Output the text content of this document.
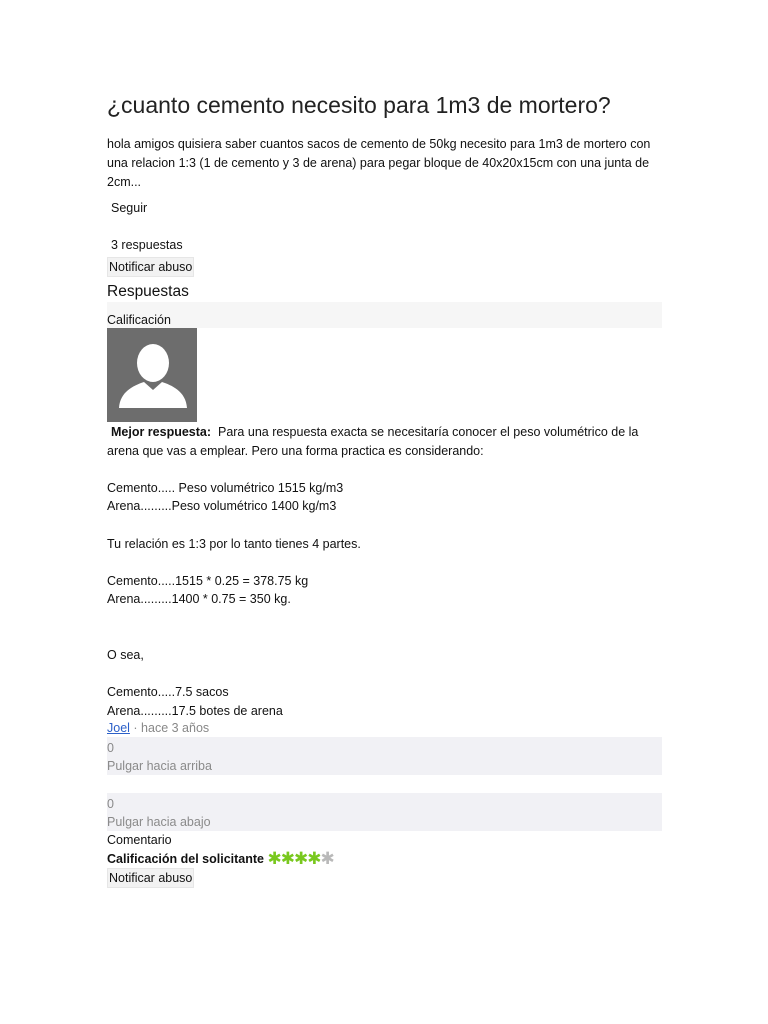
¿cuanto cemento necesito para 1m3 de mortero?

hola amigos quisiera saber cuantos sacos de cemento de 50kg necesito para 1m3 de mortero con una relacion 1:3 (1 de cemento y 3 de arena) para pegar bloque de 40x20x15cm con una junta de 2cm...

Seguir
3 respuestas
Notificar abuso
Respuestas
Calificación
Mejor respuesta: Para una respuesta exacta se necesitaría conocer el peso volumétrico de la arena que vas a emplear. Pero una forma practica es considerando:
Cemento..... Peso volumétrico 1515 kg/m3
Arena.........Peso volumétrico 1400 kg/m3
Tu relación es 1:3 por lo tanto tienes 4 partes.
Cemento.....1515 * 0.25 = 378.75 kg
Arena.........1400 * 0.75 = 350 kg.
O sea,
Cemento.....7.5 sacos
Arena.........17.5 botes de arena
Joel · hace 3 años
0
Pulgar hacia arriba
0
Pulgar hacia abajo
Comentario
Calificación del solicitante ✱✱✱✱✱
Notificar abuso
